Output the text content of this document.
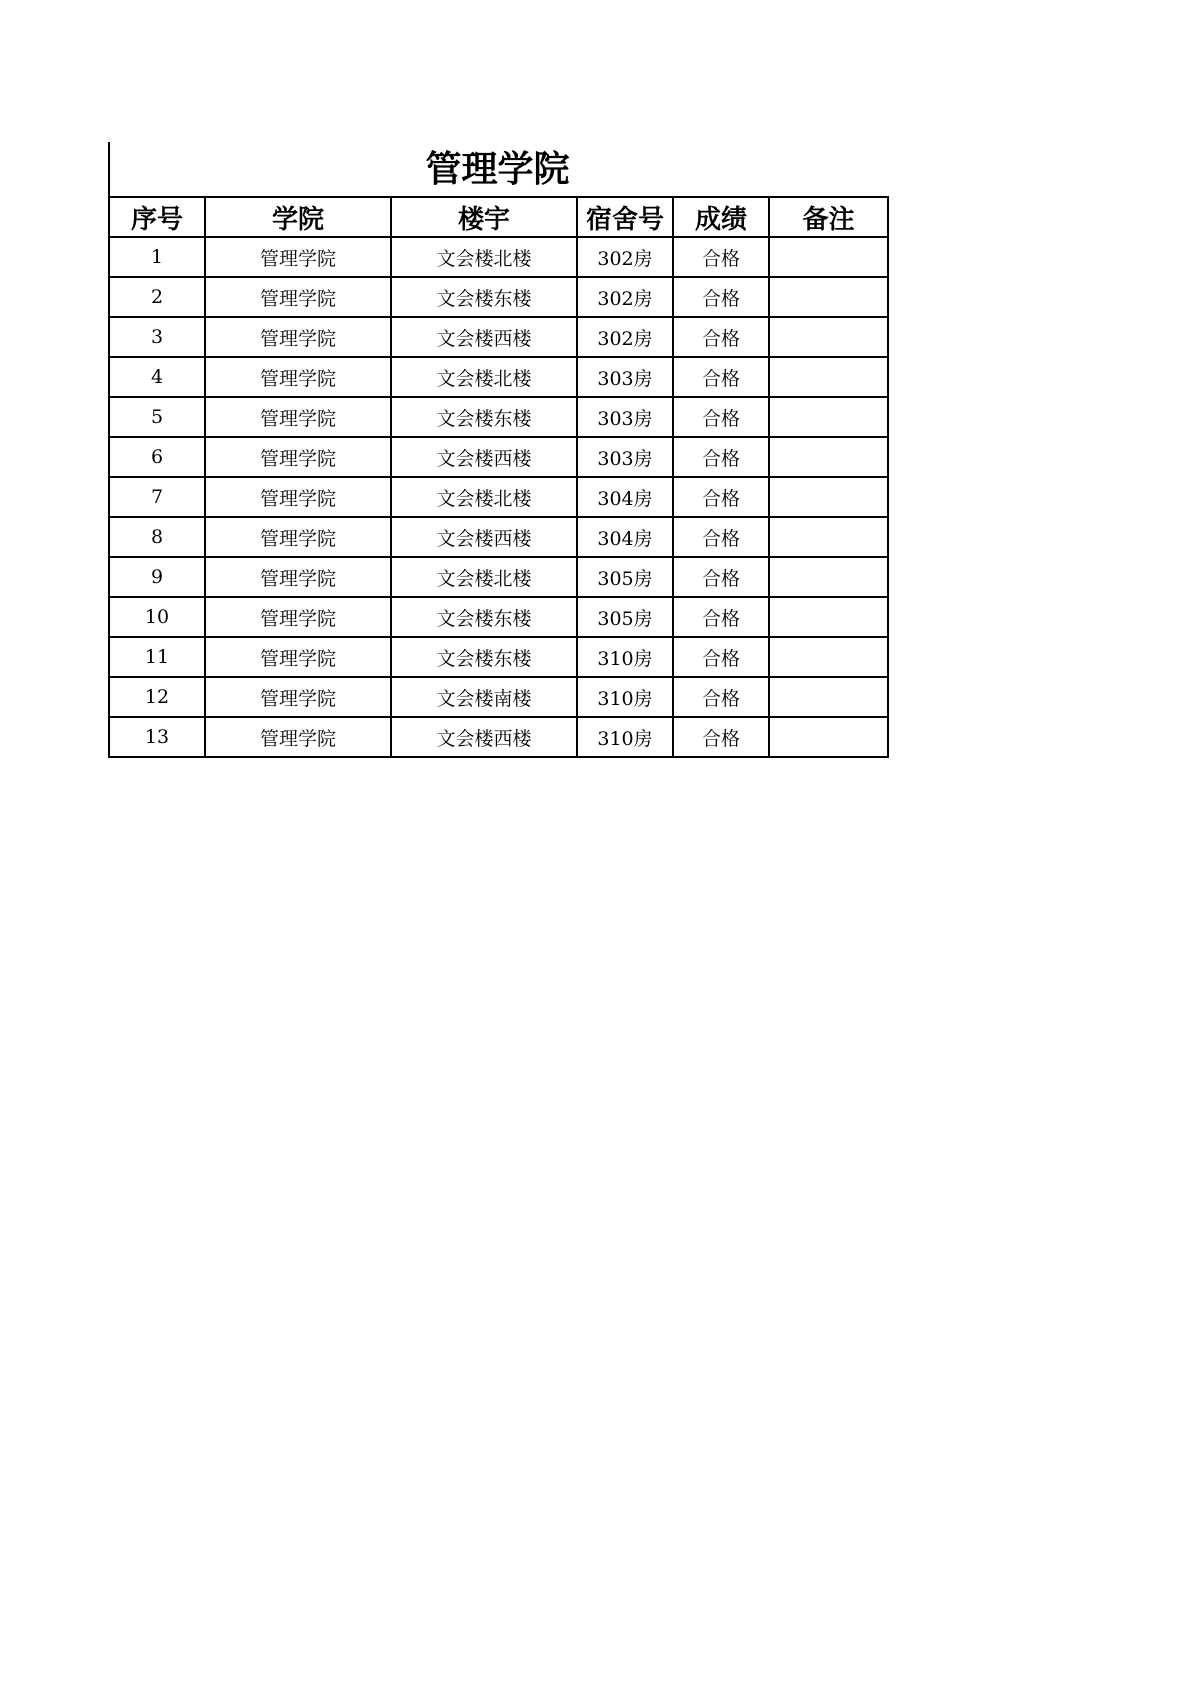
管理学院
序号	学院	楼宇	宿舍号	成绩	备注
1	管理学院	文会楼北楼	302房	合格	
2	管理学院	文会楼东楼	302房	合格	
3	管理学院	文会楼西楼	302房	合格	
4	管理学院	文会楼北楼	303房	合格	
5	管理学院	文会楼东楼	303房	合格	
6	管理学院	文会楼西楼	303房	合格	
7	管理学院	文会楼北楼	304房	合格	
8	管理学院	文会楼西楼	304房	合格	
9	管理学院	文会楼北楼	305房	合格	
10	管理学院	文会楼东楼	305房	合格	
11	管理学院	文会楼东楼	310房	合格	
12	管理学院	文会楼南楼	310房	合格	
13	管理学院	文会楼西楼	310房	合格	
